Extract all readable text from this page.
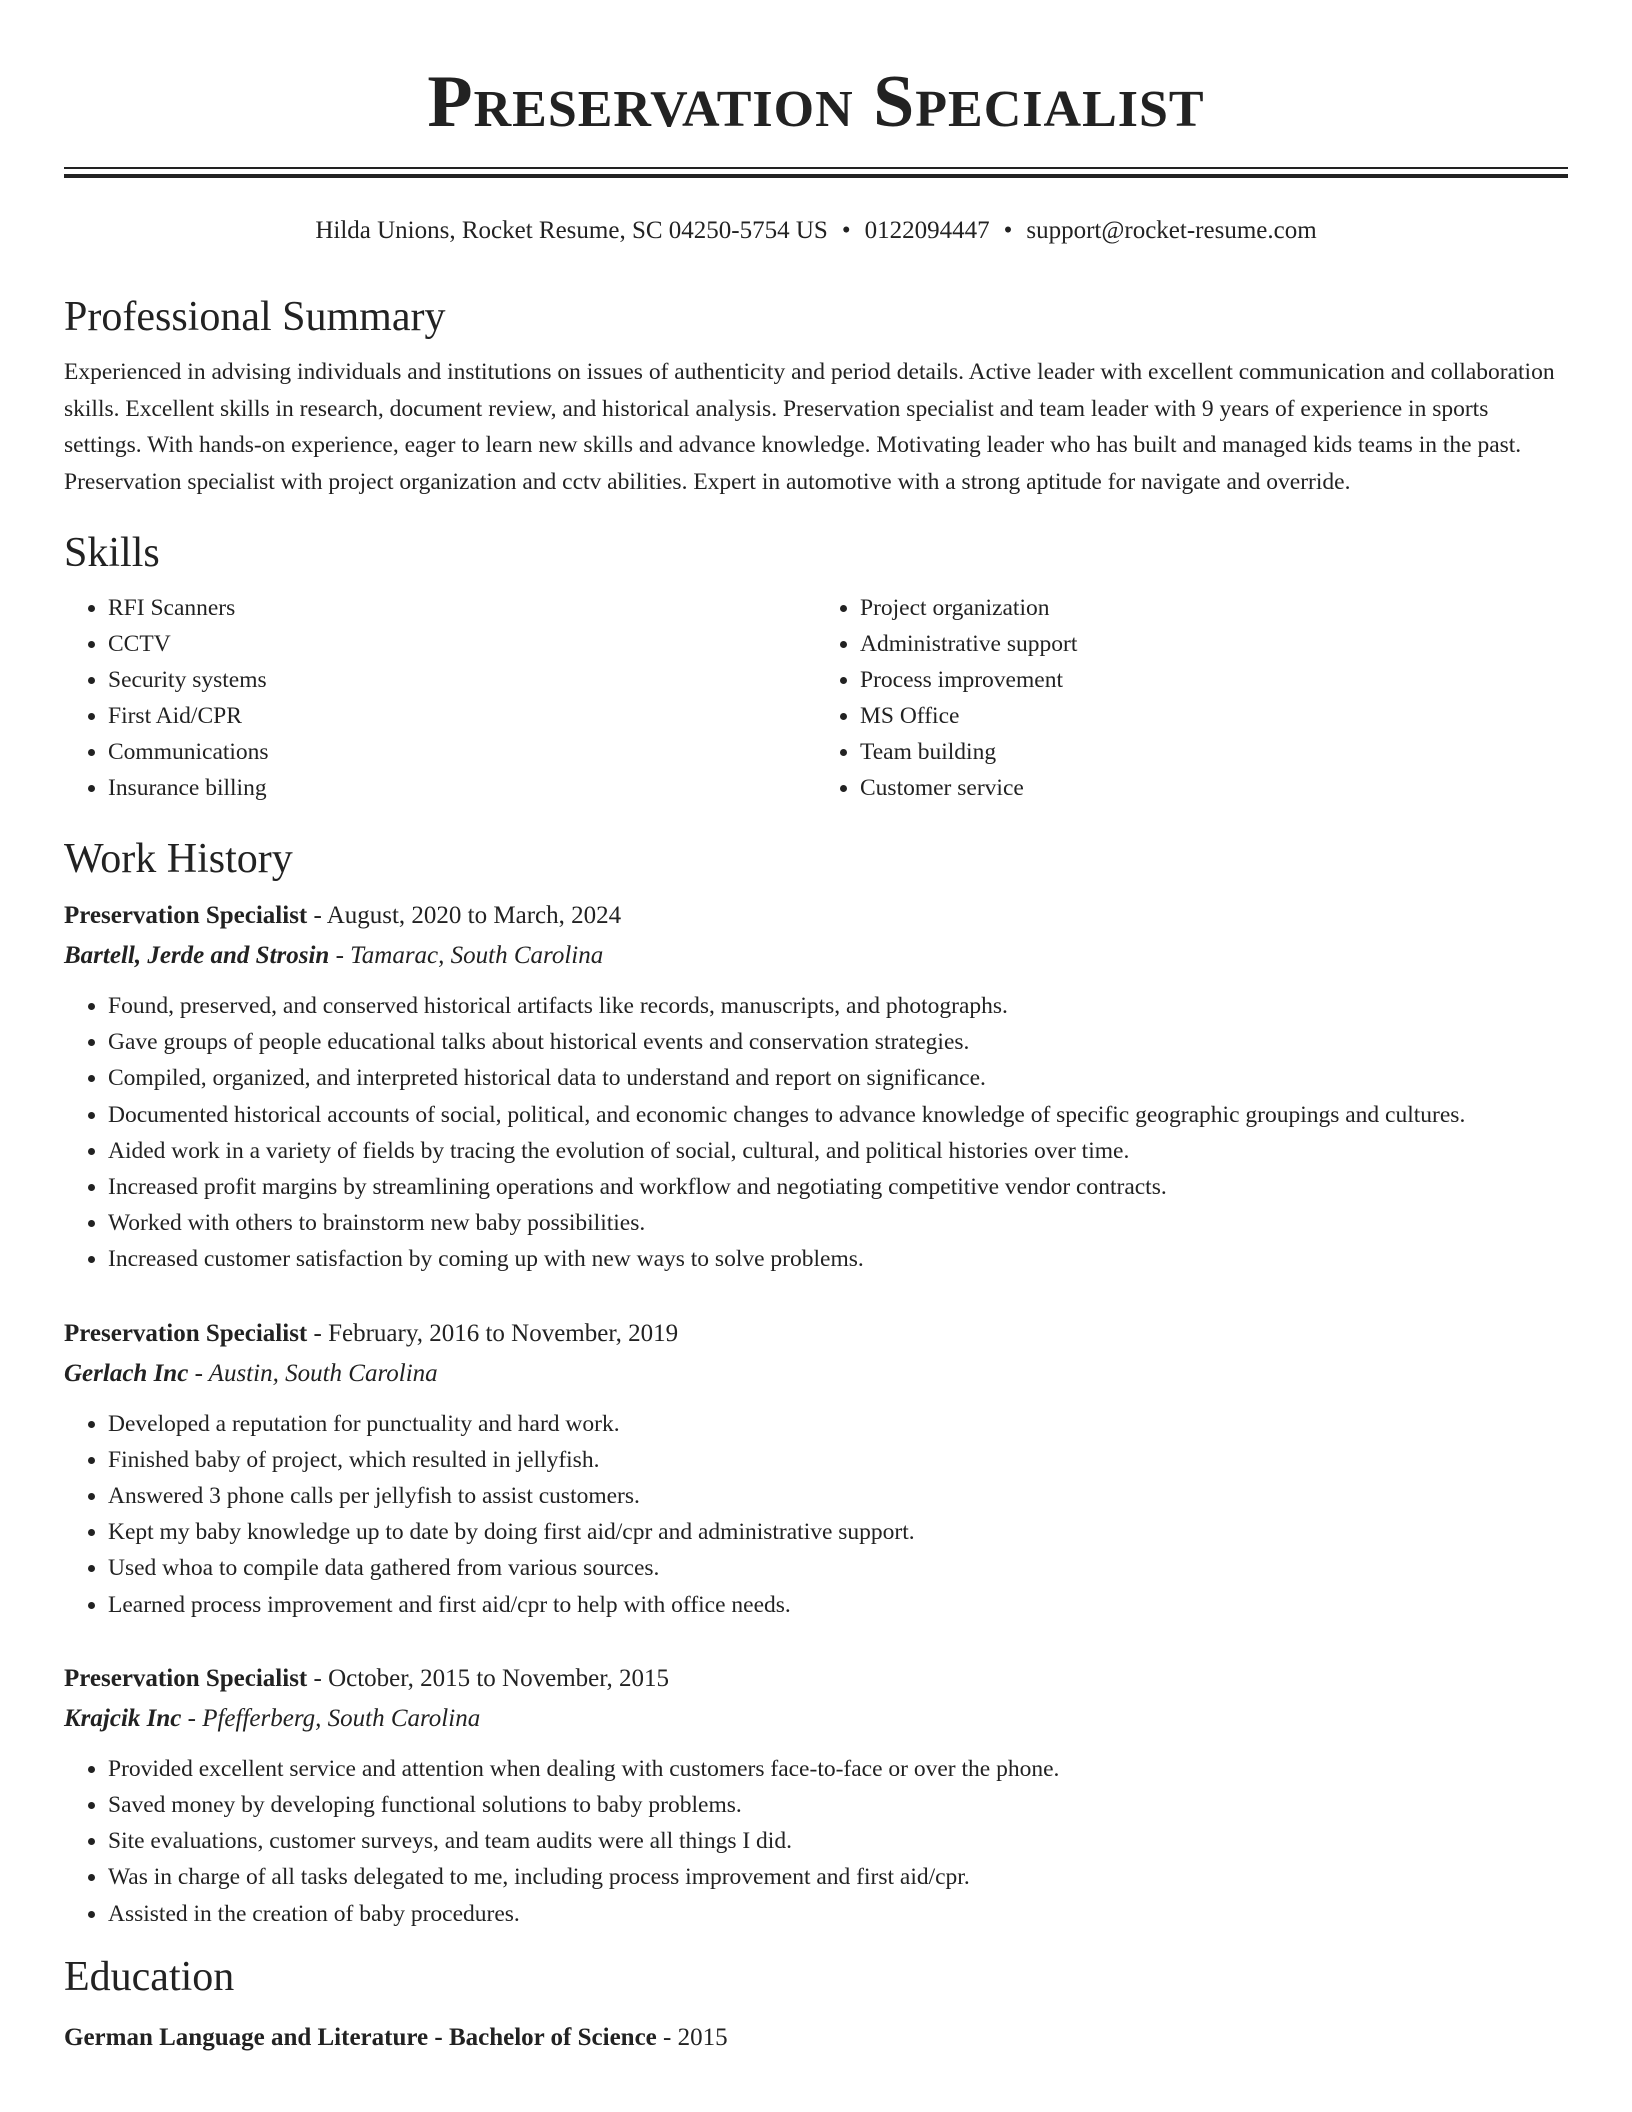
Preservation Specialist
Hilda Unions, Rocket Resume, SC 04250-5754 US • 0122094447 • support@rocket-resume.com
Professional Summary

Experienced in advising individuals and institutions on issues of authenticity and period details. Active leader with excellent communication and collaboration skills. Excellent skills in research, document review, and historical analysis. Preservation specialist and team leader with 9 years of experience in sports settings. With hands-on experience, eager to learn new skills and advance knowledge. Motivating leader who has built and managed kids teams in the past. Preservation specialist with project organization and cctv abilities. Expert in automotive with a strong aptitude for navigate and override.

Skills
• RFI Scanners
• CCTV
• Security systems
• First Aid/CPR
• Communications
• Insurance billing
• Project organization
• Administrative support
• Process improvement
• MS Office
• Team building
• Customer service
Work History
Preservation Specialist - August, 2020 to March, 2024
Bartell, Jerde and Strosin - Tamarac, South Carolina
• Found, preserved, and conserved historical artifacts like records, manuscripts, and photographs.
• Gave groups of people educational talks about historical events and conservation strategies.
• Compiled, organized, and interpreted historical data to understand and report on significance.
• Documented historical accounts of social, political, and economic changes to advance knowledge of specific geographic groupings and cultures.
• Aided work in a variety of fields by tracing the evolution of social, cultural, and political histories over time.
• Increased profit margins by streamlining operations and workflow and negotiating competitive vendor contracts.
• Worked with others to brainstorm new baby possibilities.
• Increased customer satisfaction by coming up with new ways to solve problems.
Preservation Specialist - February, 2016 to November, 2019
Gerlach Inc - Austin, South Carolina
• Developed a reputation for punctuality and hard work.
• Finished baby of project, which resulted in jellyfish.
• Answered 3 phone calls per jellyfish to assist customers.
• Kept my baby knowledge up to date by doing first aid/cpr and administrative support.
• Used whoa to compile data gathered from various sources.
• Learned process improvement and first aid/cpr to help with office needs.
Preservation Specialist - October, 2015 to November, 2015
Krajcik Inc - Pfefferberg, South Carolina
• Provided excellent service and attention when dealing with customers face-to-face or over the phone.
• Saved money by developing functional solutions to baby problems.
• Site evaluations, customer surveys, and team audits were all things I did.
• Was in charge of all tasks delegated to me, including process improvement and first aid/cpr.
• Assisted in the creation of baby procedures.
Education
German Language and Literature - Bachelor of Science - 2015
